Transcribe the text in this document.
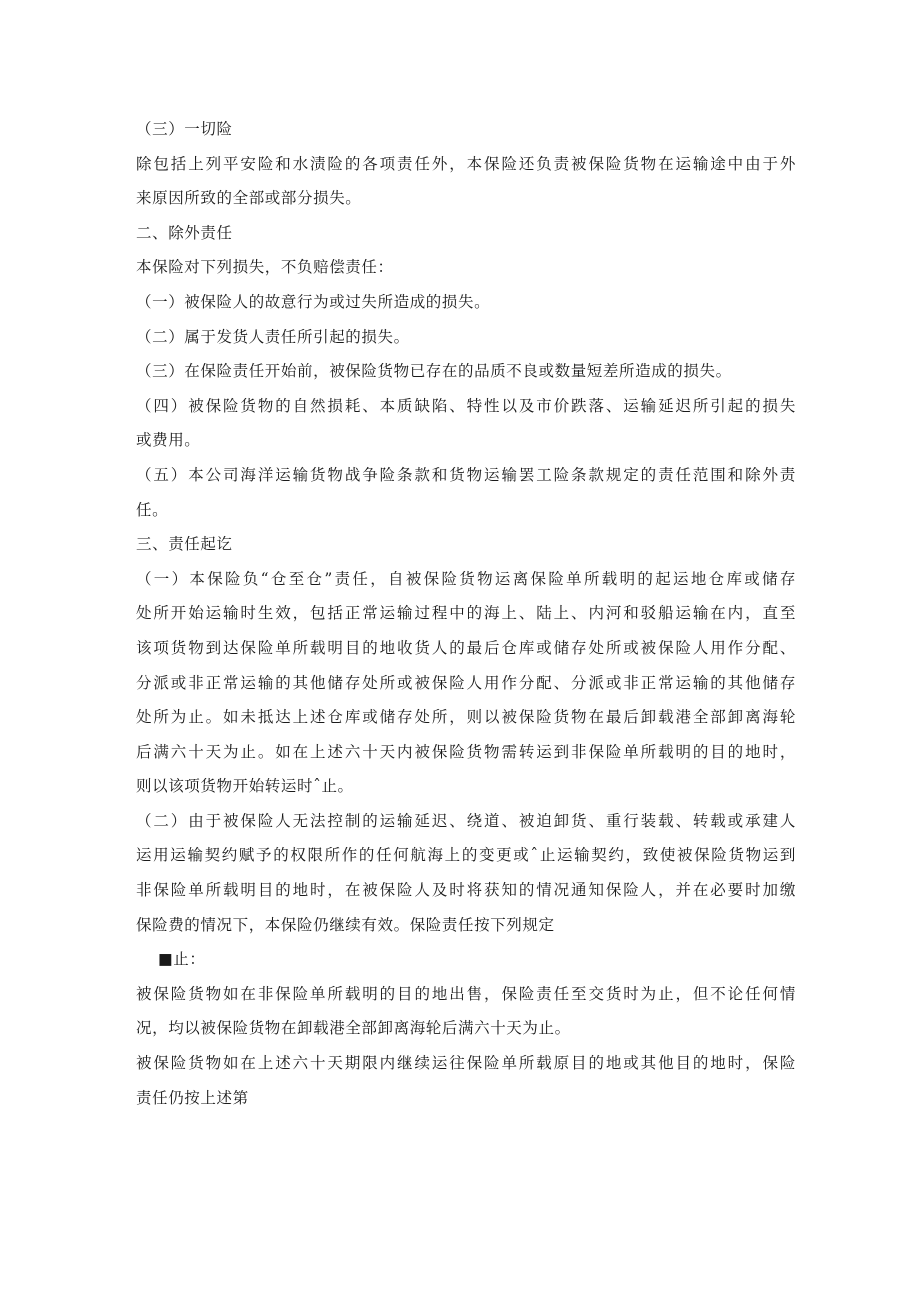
（三）一切险
除包括上列平安险和水渍险的各项责任外，本保险还负责被保险货物在运输途中由于外
来原因所致的全部或部分损失。
二、除外责任
本保险对下列损失，不负赔偿责任：
（一）被保险人的故意行为或过失所造成的损失。
（二）属于发货人责任所引起的损失。
（三）在保险责任开始前，被保险货物已存在的品质不良或数量短差所造成的损失。
（四）被保险货物的自然损耗、本质缺陷、特性以及市价跌落、运输延迟所引起的损失
或费用。
（五）本公司海洋运输货物战争险条款和货物运输罢工险条款规定的责任范围和除外责
任。
三、责任起讫
（一）本保险负“仓至仓”责任，自被保险货物运离保险单所载明的起运地仓库或储存
处所开始运输时生效，包括正常运输过程中的海上、陆上、内河和驳船运输在内，直至
该项货物到达保险单所载明目的地收货人的最后仓库或储存处所或被保险人用作分配、
分派或非正常运输的其他储存处所或被保险人用作分配、分派或非正常运输的其他储存
处所为止。如未抵达上述仓库或储存处所，则以被保险货物在最后卸载港全部卸离海轮
后满六十天为止。如在上述六十天内被保险货物需转运到非保险单所载明的目的地时，
则以该项货物开始转运时ˆ止。
（二）由于被保险人无法控制的运输延迟、绕道、被迫卸货、重行装载、转载或承建人
运用运输契约赋予的权限所作的任何航海上的变更或ˆ止运输契约，致使被保险货物运到
非保险单所载明目的地时，在被保险人及时将获知的情况通知保险人，并在必要时加缴
保险费的情况下，本保险仍继续有效。保险责任按下列规定
■止：
被保险货物如在非保险单所载明的目的地出售，保险责任至交货时为止，但不论任何情
况，均以被保险货物在卸载港全部卸离海轮后满六十天为止。
被保险货物如在上述六十天期限内继续运往保险单所载原目的地或其他目的地时，保险
责任仍按上述第
